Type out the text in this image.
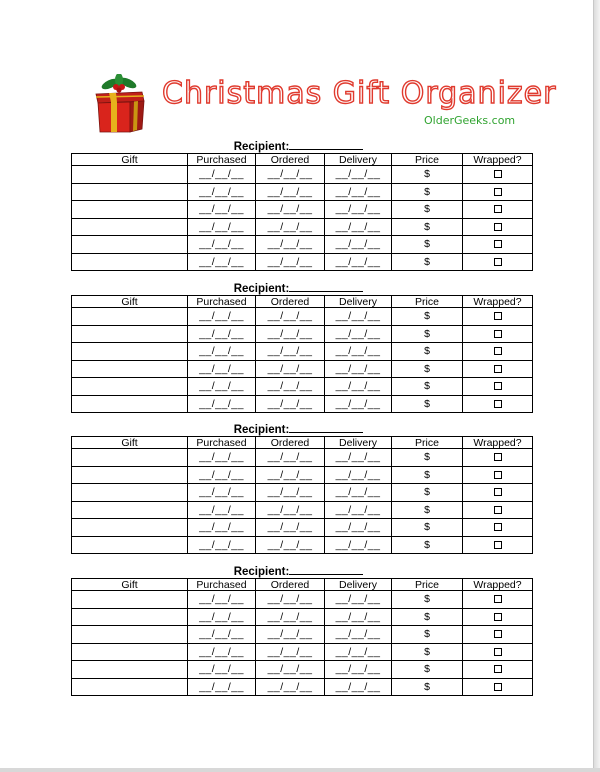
Christmas Gift Organizer
OlderGeeks.com
Recipient:
Gift	Purchased	Ordered	Delivery	Price	Wrapped?
	__/__/__	__/__/__	__/__/__	$	
	__/__/__	__/__/__	__/__/__	$	
	__/__/__	__/__/__	__/__/__	$	
	__/__/__	__/__/__	__/__/__	$	
	__/__/__	__/__/__	__/__/__	$	
	__/__/__	__/__/__	__/__/__	$	
Recipient:
Gift	Purchased	Ordered	Delivery	Price	Wrapped?
	__/__/__	__/__/__	__/__/__	$	
	__/__/__	__/__/__	__/__/__	$	
	__/__/__	__/__/__	__/__/__	$	
	__/__/__	__/__/__	__/__/__	$	
	__/__/__	__/__/__	__/__/__	$	
	__/__/__	__/__/__	__/__/__	$	
Recipient:
Gift	Purchased	Ordered	Delivery	Price	Wrapped?
	__/__/__	__/__/__	__/__/__	$	
	__/__/__	__/__/__	__/__/__	$	
	__/__/__	__/__/__	__/__/__	$	
	__/__/__	__/__/__	__/__/__	$	
	__/__/__	__/__/__	__/__/__	$	
	__/__/__	__/__/__	__/__/__	$	
Recipient:
Gift	Purchased	Ordered	Delivery	Price	Wrapped?
	__/__/__	__/__/__	__/__/__	$	
	__/__/__	__/__/__	__/__/__	$	
	__/__/__	__/__/__	__/__/__	$	
	__/__/__	__/__/__	__/__/__	$	
	__/__/__	__/__/__	__/__/__	$	
	__/__/__	__/__/__	__/__/__	$	
